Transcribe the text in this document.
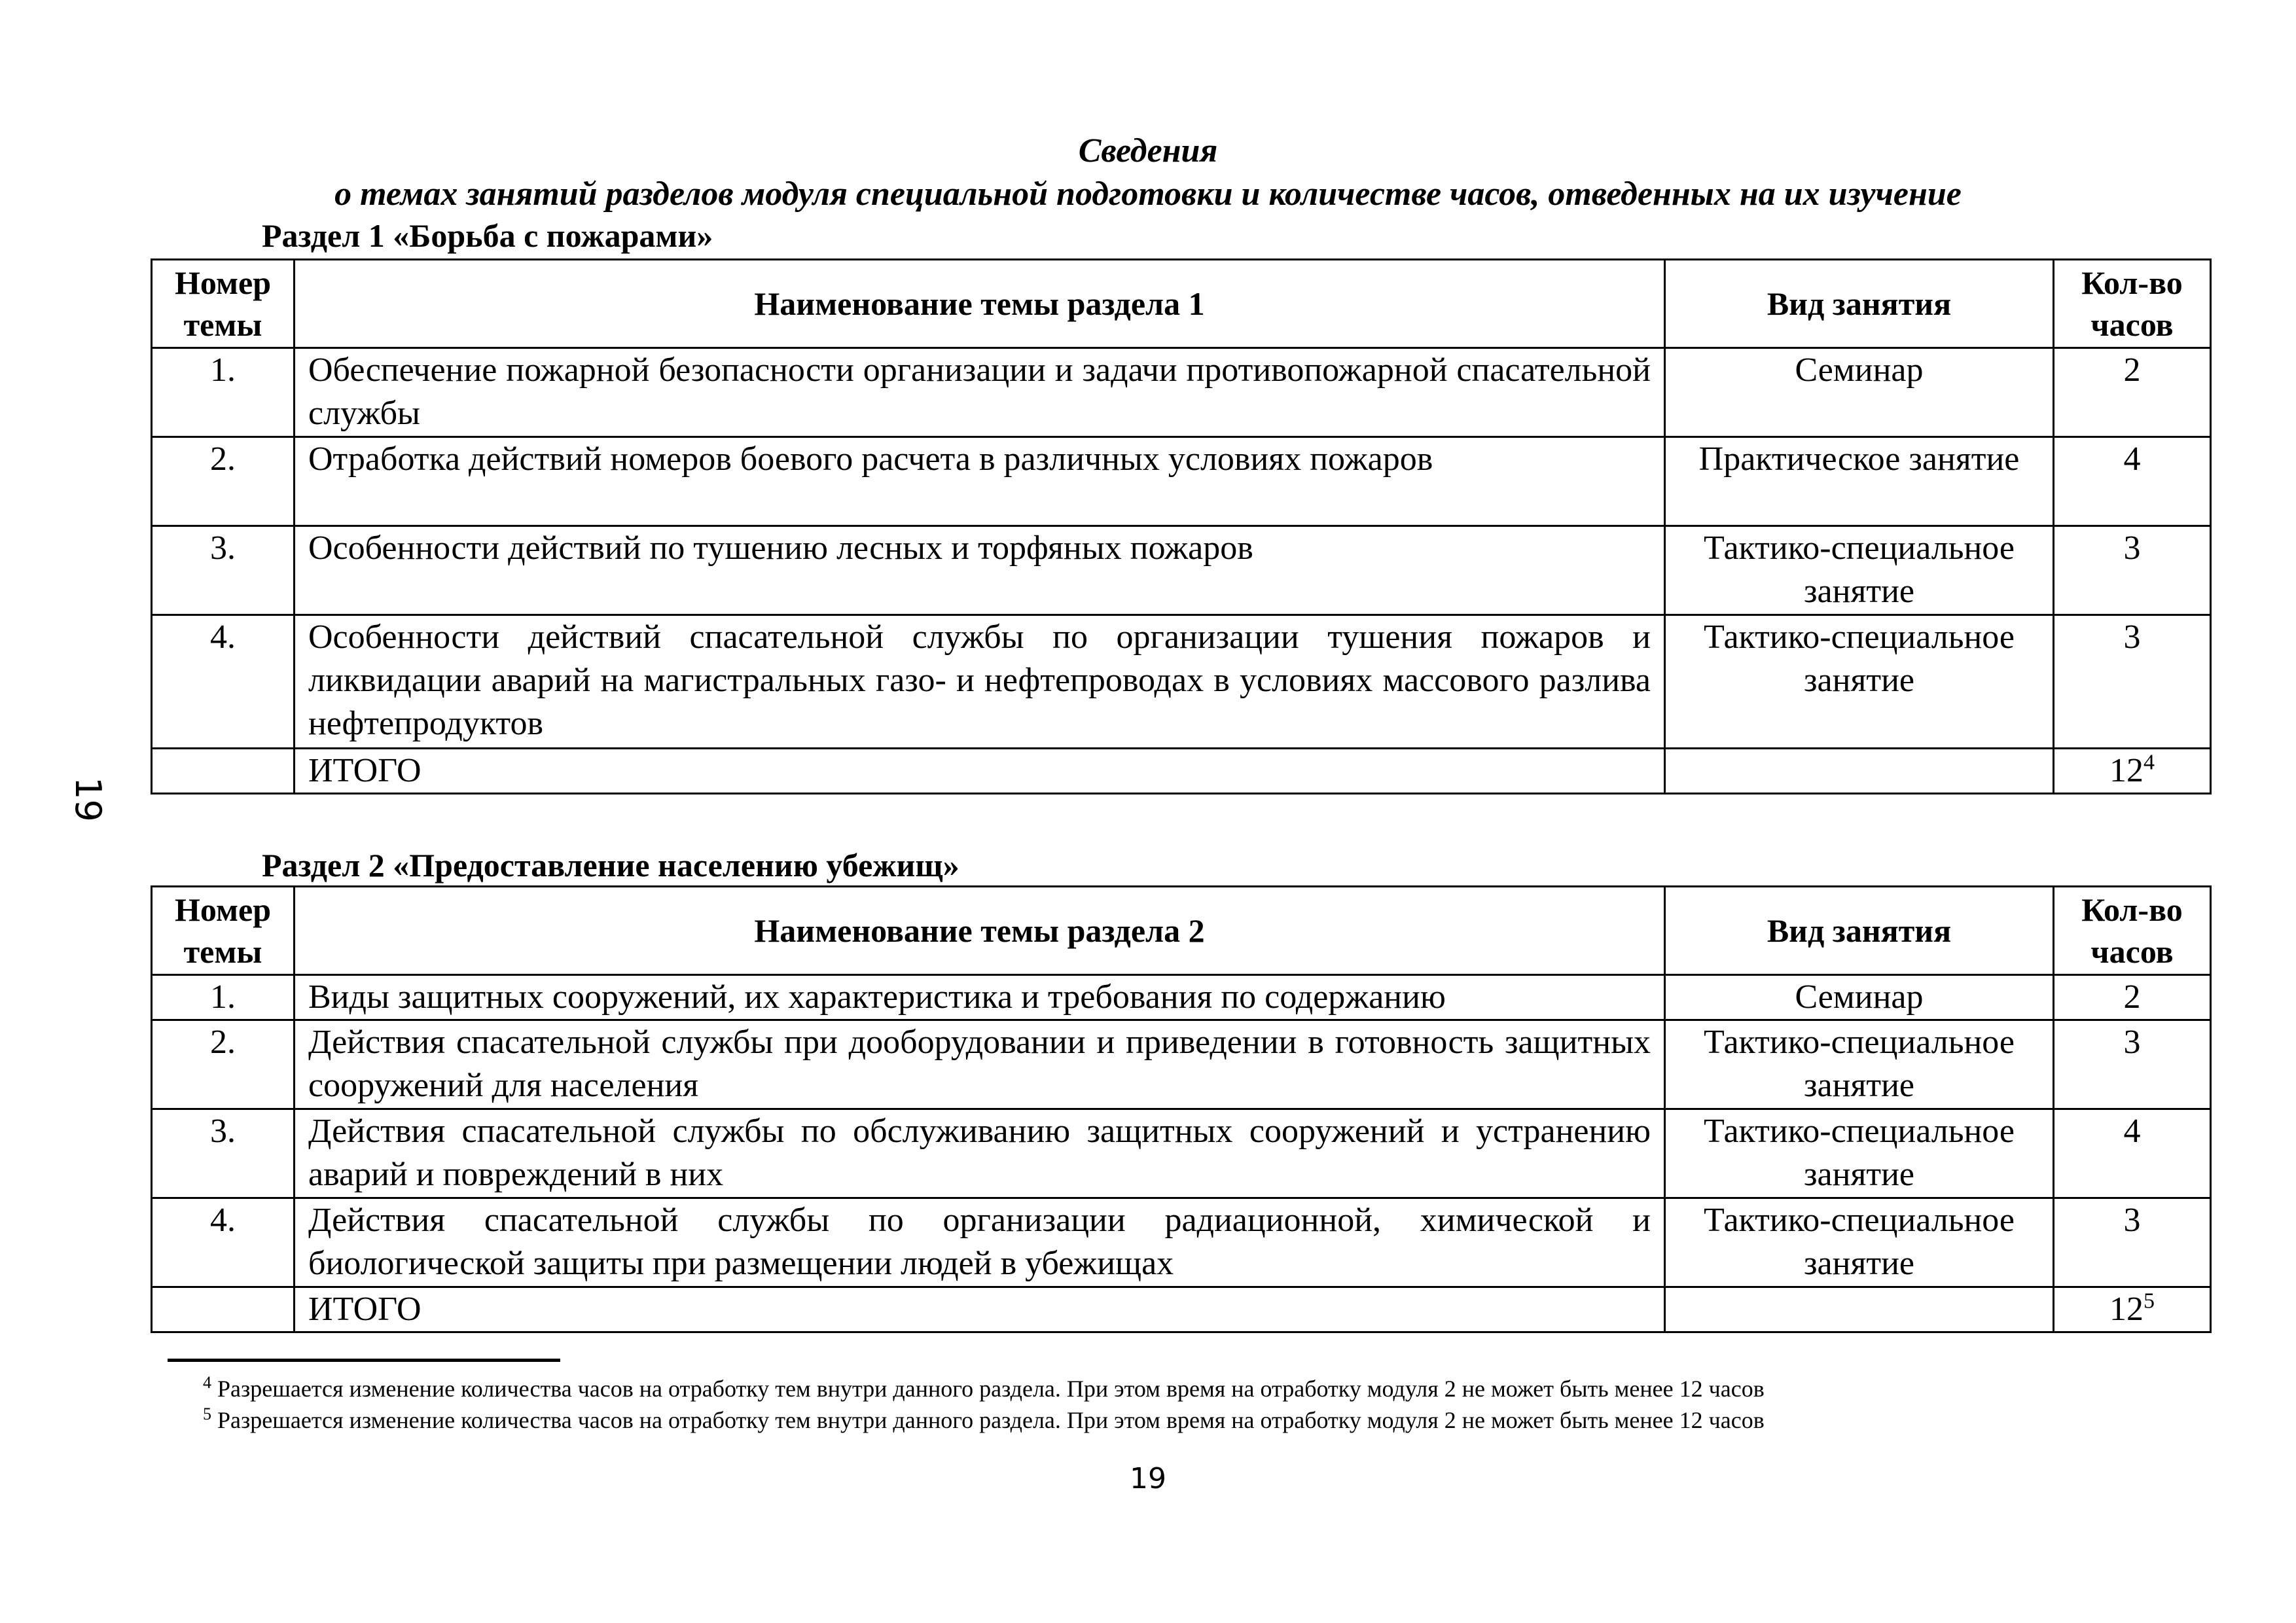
Сведения
о темах занятий разделов модуля специальной подготовки и количестве часов, отведенных на их изучение
19
Раздел 1 «Борьба с пожарами»
Номер темы	Наименование темы раздела 1	Вид занятия	Кол-во часов
1.	Обеспечение пожарной безопасности организации и задачи противопожарной спасательной службы	Семинар	2
2.	Отработка действий номеров боевого расчета в различных условиях пожаров	Практическое занятие	4
3.	Особенности действий по тушению лесных и торфяных пожаров	Тактико-специальное занятие	3
4.	Особенности действий спасательной службы по организации тушения пожаров и ликвидации аварий на магистральных газо- и нефтепроводах в условиях массового разлива нефтепродуктов	Тактико-специальное занятие	3
	ИТОГО		$12^4$
Раздел 2 «Предоставление населению убежищ»
Номер темы	Наименование темы раздела 2	Вид занятия	Кол-во часов
1.	Виды защитных сооружений, их характеристика и требования по содержанию	Семинар	2
2.	Действия спасательной службы при дооборудовании и приведении в готовность защитных сооружений для населения	Тактико-специальное занятие	3
3.	Действия спасательной службы по обслуживанию защитных сооружений и устранению аварий и повреждений в них	Тактико-специальное занятие	4
4.	Действия спасательной службы по организации радиационной, химической и биологической защиты при размещении людей в убежищах	Тактико-специальное занятие	3
	ИТОГО		$12^5$
$^4$ Разрешается изменение количества часов на отработку тем внутри данного раздела. При этом время на отработку модуля 2 не может быть менее 12 часов
$^5$ Разрешается изменение количества часов на отработку тем внутри данного раздела. При этом время на отработку модуля 2 не может быть менее 12 часов
19
